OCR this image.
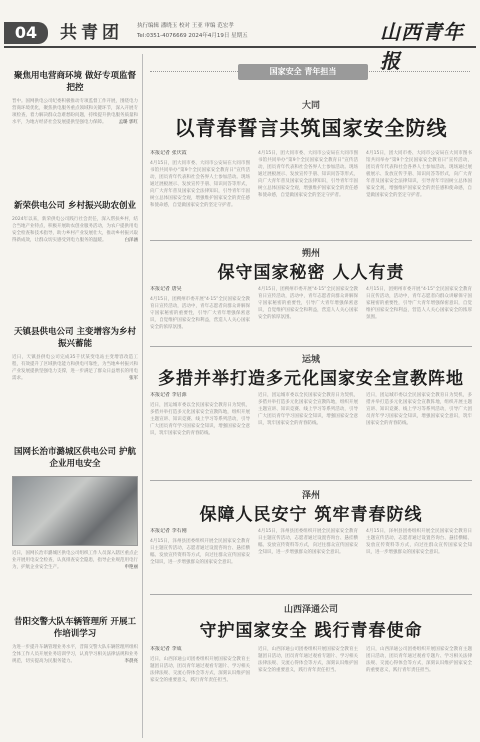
04	共青团	执行编辑 潘晓玉 校对 王亚 审编 范宏孝
Tel:0351-4076669 2024年4月19日 星期五	山西青年报
聚焦用电营商环境 做好专项监督把控
晋中。国网供电公司纪委积极推动专项监督工作开展，围绕电力营商环境优化，聚焦供电服务重点领域和关键环节，深入开展专项检查，着力解决群众急难愁盼问题，持续提升供电服务质量和水平，为地方经济社会发展提供坚强电力保障。	孟璐 郭红
新荣供电公司 乡村振兴助农创业
2024年以来，新荣供电公司践行社会责任，深入帮扶乡村，结合当地产业特点，积极开展助农创业服务活动，为农户提供用电安全检查和技术指导，助力乡村产业发展壮大，推动乡村振兴取得新成效，让群众切实感受到电力服务的温暖。	白泽涵
天镇县供电公司 主变增容为乡村振兴蓄能
近日，天镇县供电公司完成35千伏某变电站主变增容改造工程，有效提升了区域供电能力和供电可靠性，为当地乡村振兴和产业发展提供坚强电力支撑，进一步满足了群众日益增长的用电需求。	张军
国网长治市潞城区供电公司 护航企业用电安全
近日，国网长治市潞城区供电公司组织工作人员深入辖区重点企业开展用电安全检查，认真排查安全隐患，指导企业规范用电行为，护航企业安全生产。	申艳丽
昔阳交警大队车辆管理所 开展工作培训学习
为进一步提升车辆管理业务水平，昔阳交警大队车辆管理所组织全体工作人员开展业务培训学习，认真学习相关法律法规和业务规范，切实提高为民服务能力。	李晨亮
国家安全 青年担当
大同
以青春誓言共筑国家安全防线
本报记者 张庆霞
4月15日，团大同市委、大同市公安局在大同市图书馆共同举办“第9个全民国家安全教育日”宣传活动，团员青年代表和社会各界人士参加活动。现场通过展板展示、发放宣传手册、知识问答等形式，向广大青年普及国家安全法律知识，引导青年牢固树立总体国家安全观，增强维护国家安全的责任感和使命感，自觉做国家安全的坚定守护者。
4月15日，团大同市委、大同市公安局在大同市图书馆共同举办“第9个全民国家安全教育日”宣传活动，团员青年代表和社会各界人士参加活动。现场通过展板展示、发放宣传手册、知识问答等形式，向广大青年普及国家安全法律知识，引导青年牢固树立总体国家安全观，增强维护国家安全的责任感和使命感，自觉做国家安全的坚定守护者。
4月15日，团大同市委、大同市公安局在大同市图书馆共同举办“第9个全民国家安全教育日”宣传活动，团员青年代表和社会各界人士参加活动。现场通过展板展示、发放宣传手册、知识问答等形式，向广大青年普及国家安全法律知识，引导青年牢固树立总体国家安全观，增强维护国家安全的责任感和使命感，自觉做国家安全的坚定守护者。
朔州
保守国家秘密 人人有责
本报记者 唐昊
4月15日，团朔州市委开展“4·15”全民国家安全教育日宣传活动，活动中，青年志愿者向群众讲解保守国家秘密的重要性，引导广大青年增强保密意识，自觉维护国家安全和利益，营造人人关心国家安全的浓厚氛围。
4月15日，团朔州市委开展“4·15”全民国家安全教育日宣传活动，活动中，青年志愿者向群众讲解保守国家秘密的重要性，引导广大青年增强保密意识，自觉维护国家安全和利益，营造人人关心国家安全的浓厚氛围。
4月15日，团朔州市委开展“4·15”全民国家安全教育日宣传活动，活动中，青年志愿者向群众讲解保守国家秘密的重要性，引导广大青年增强保密意识，自觉维护国家安全和利益，营造人人关心国家安全的浓厚氛围。
运城
多措并举打造多元化国家安全宣教阵地
本报记者 李启源
近日，团运城市委以全民国家安全教育日为契机，多措并举打造多元化国家安全宣教阵地，组织开展主题宣讲、知识竞赛、线上学习等系列活动，引导广大团员青年学习国家安全知识，增强国家安全意识，筑牢国家安全的青春防线。
近日，团运城市委以全民国家安全教育日为契机，多措并举打造多元化国家安全宣教阵地，组织开展主题宣讲、知识竞赛、线上学习等系列活动，引导广大团员青年学习国家安全知识，增强国家安全意识，筑牢国家安全的青春防线。
近日，团运城市委以全民国家安全教育日为契机，多措并举打造多元化国家安全宣教阵地，组织开展主题宣讲、知识竞赛、线上学习等系列活动，引导广大团员青年学习国家安全知识，增强国家安全意识，筑牢国家安全的青春防线。
泽州
保障人民安宁 筑牢青春防线
本报记者 李石刚
4月15日，泽州县团委组织开展全民国家安全教育日主题宣传活动，志愿者通过设置咨询台、悬挂横幅、发放宣传资料等方式，向过往群众宣传国家安全知识，进一步增强群众的国家安全意识。
4月15日，泽州县团委组织开展全民国家安全教育日主题宣传活动，志愿者通过设置咨询台、悬挂横幅、发放宣传资料等方式，向过往群众宣传国家安全知识，进一步增强群众的国家安全意识。
4月15日，泽州县团委组织开展全民国家安全教育日主题宣传活动，志愿者通过设置咨询台、悬挂横幅、发放宣传资料等方式，向过往群众宣传国家安全知识，进一步增强群众的国家安全意识。
山西泽通公司
守护国家安全 践行青春使命
本报记者 李成
近日，山西泽通公司团委组织开展国家安全教育主题团日活动，团员青年通过观看专题片、学习相关法律法规、交流心得体会等方式，深刻认识维护国家安全的重要意义，践行青年责任担当。
近日，山西泽通公司团委组织开展国家安全教育主题团日活动，团员青年通过观看专题片、学习相关法律法规、交流心得体会等方式，深刻认识维护国家安全的重要意义，践行青年责任担当。
近日，山西泽通公司团委组织开展国家安全教育主题团日活动，团员青年通过观看专题片、学习相关法律法规、交流心得体会等方式，深刻认识维护国家安全的重要意义，践行青年责任担当。
